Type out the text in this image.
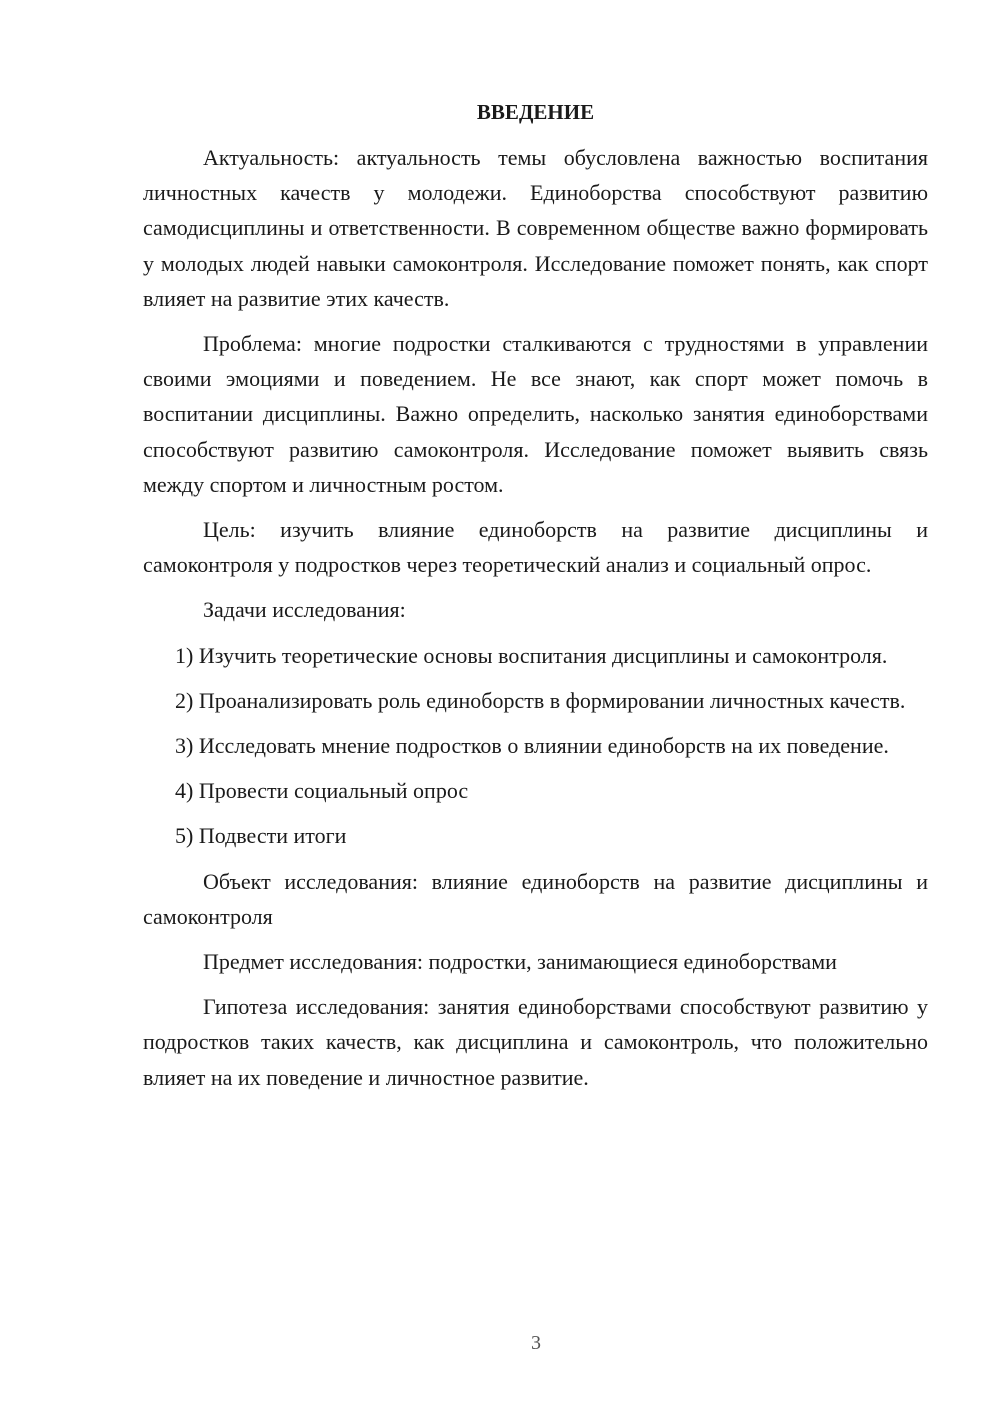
ВВЕДЕНИЕ

Актуальность: актуальность темы обусловлена важностью воспитания личностных качеств у молодежи. Единоборства способствуют развитию самодисциплины и ответственности. В современном обществе важно формировать у молодых людей навыки самоконтроля. Исследование поможет понять, как спорт влияет на развитие этих качеств.

Проблема: многие подростки сталкиваются с трудностями в управлении своими эмоциями и поведением. Не все знают, как спорт может помочь в воспитании дисциплины. Важно определить, насколько занятия единоборствами способствуют развитию самоконтроля. Исследование поможет выявить связь между спортом и личностным ростом.

Цель: изучить влияние единоборств на развитие дисциплины и самоконтроля у подростков через теоретический анализ и социальный опрос.

Задачи исследования:

1) Изучить теоретические основы воспитания дисциплины и самоконтроля.

2) Проанализировать роль единоборств в формировании личностных качеств.

3) Исследовать мнение подростков о влиянии единоборств на их поведение.

4) Провести социальный опрос

5) Подвести итоги

Объект исследования: влияние единоборств на развитие дисциплины и самоконтроля

Предмет исследования: подростки, занимающиеся единоборствами

Гипотеза исследования: занятия единоборствами способствуют развитию у подростков таких качеств, как дисциплина и самоконтроль, что положительно влияет на их поведение и личностное развитие.

3
